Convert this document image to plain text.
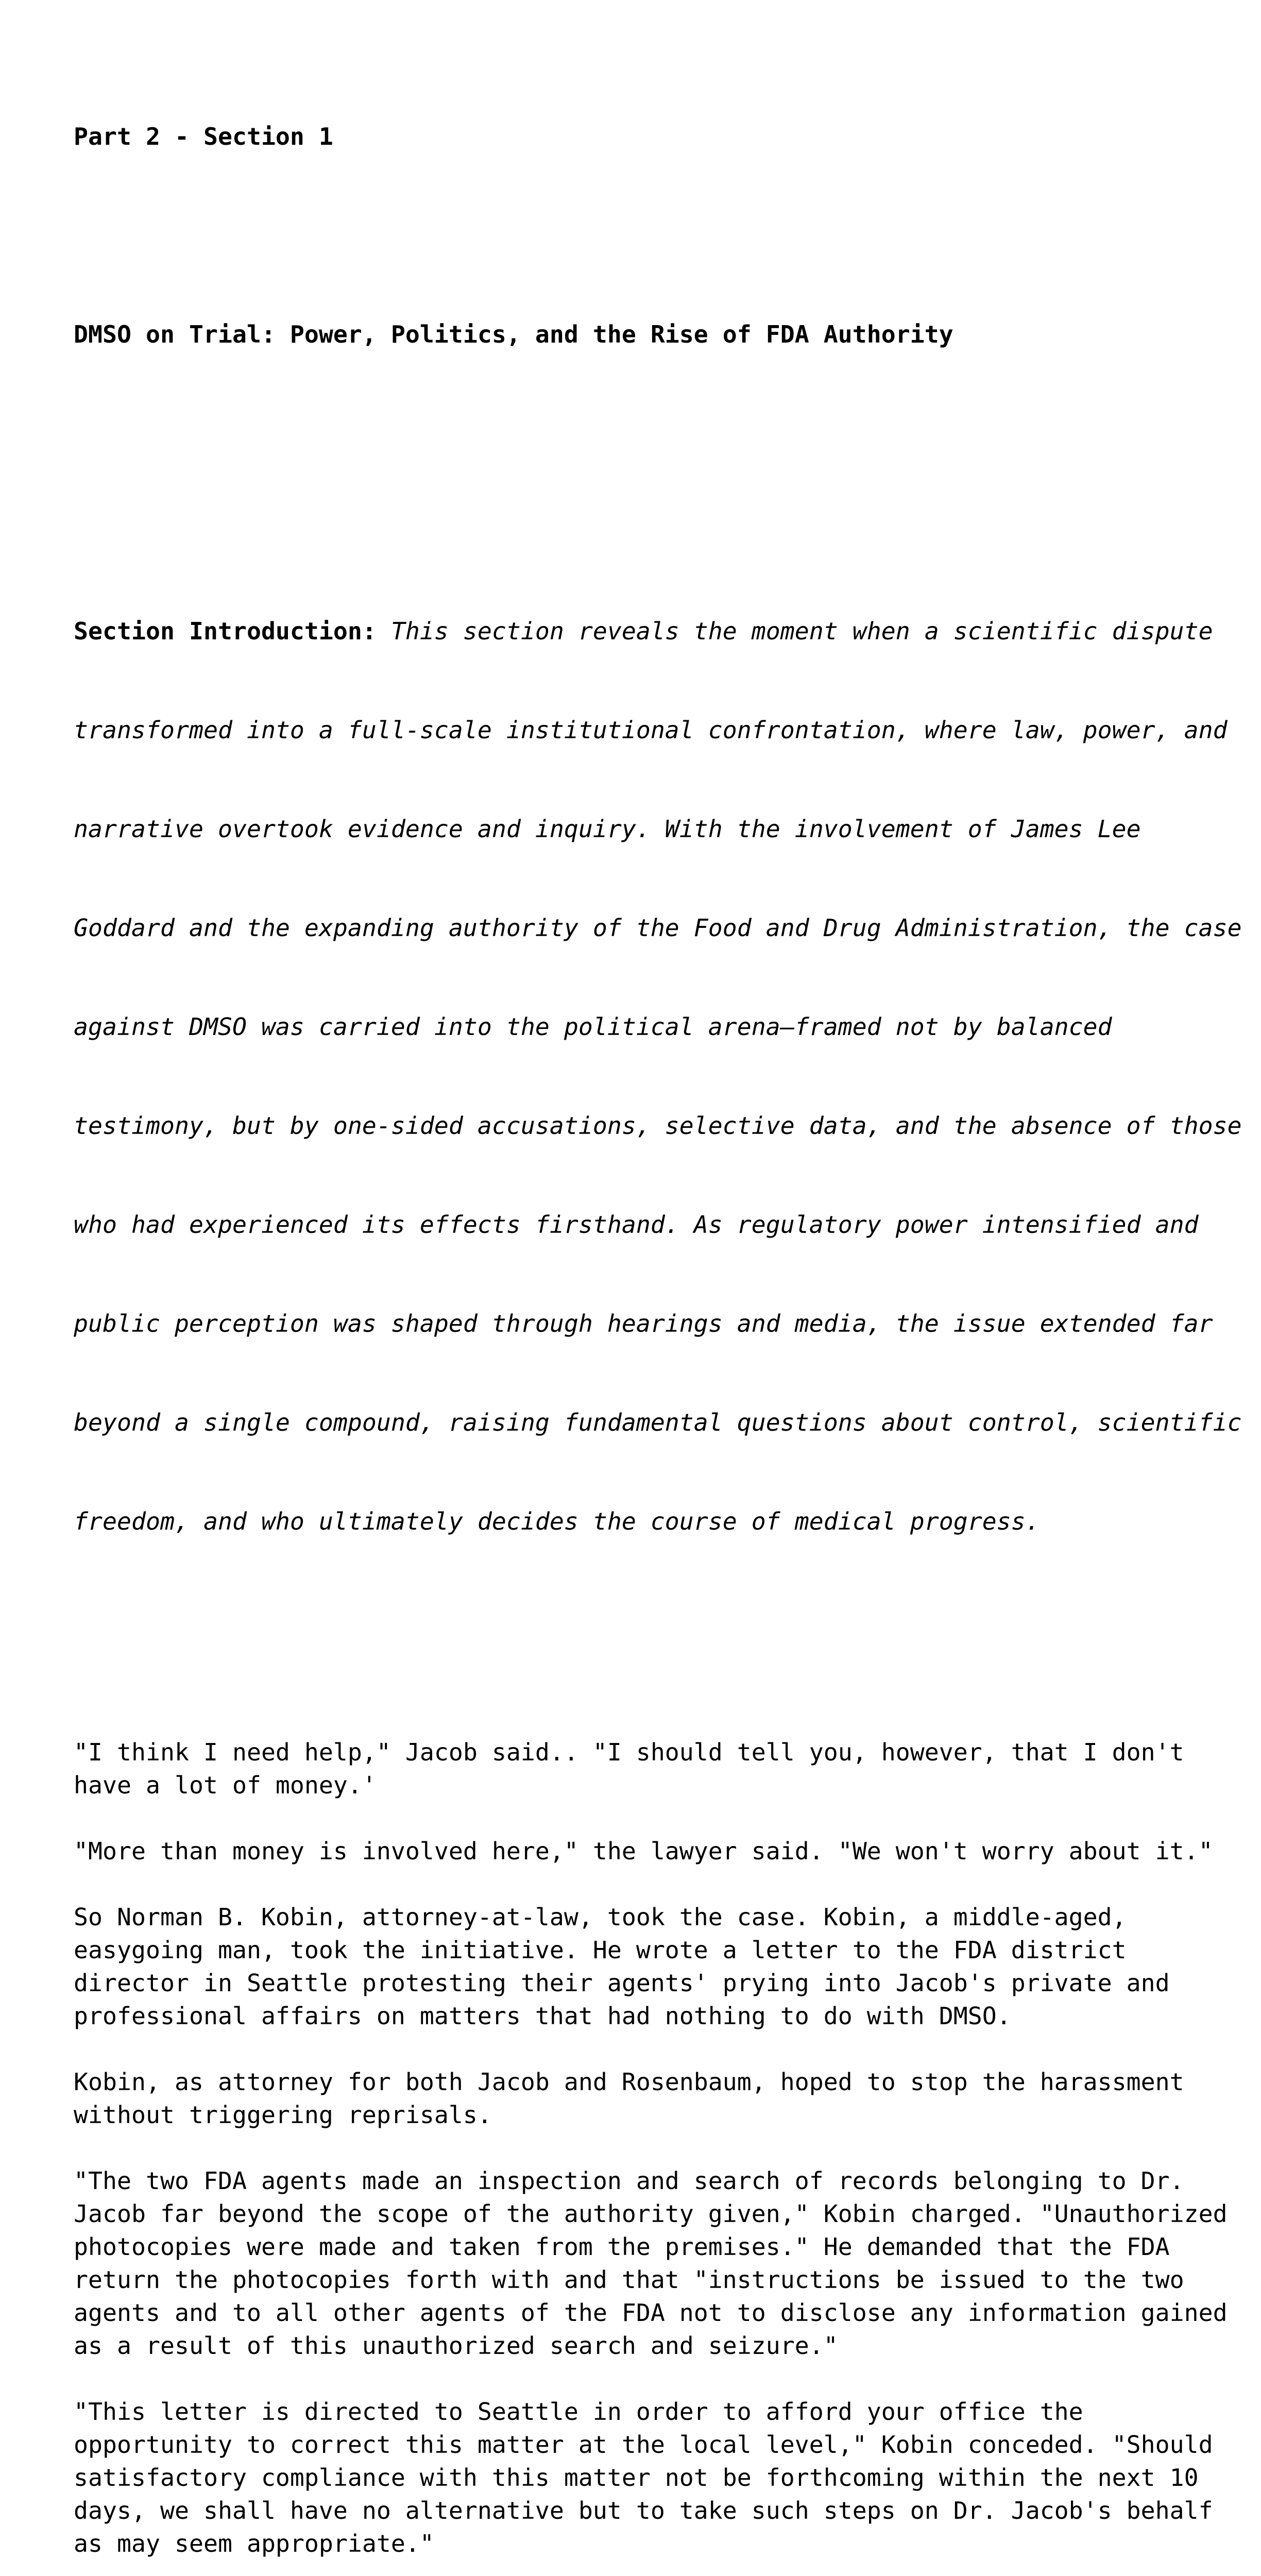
Part 2 - Section 1

DMSO on Trial: Power, Politics, and the Rise of FDA Authority

Section Introduction: This section reveals the moment when a scientific dispute

transformed into a full-scale institutional confrontation, where law, power, and

narrative overtook evidence and inquiry. With the involvement of James Lee

Goddard and the expanding authority of the Food and Drug Administration, the case

against DMSO was carried into the political arena—framed not by balanced

testimony, but by one-sided accusations, selective data, and the absence of those

who had experienced its effects firsthand. As regulatory power intensified and

public perception was shaped through hearings and media, the issue extended far

beyond a single compound, raising fundamental questions about control, scientific

freedom, and who ultimately decides the course of medical progress.

"I think I need help," Jacob said.. "I should tell you, however, that I don't
have a lot of money.'
"More than money is involved here," the lawyer said. "We won't worry about it."
So Norman B. Kobin, attorney-at-law, took the case. Kobin, a middle-aged,
easygoing man, took the initiative. He wrote a letter to the FDA district
director in Seattle protesting their agents' prying into Jacob's private and
professional affairs on matters that had nothing to do with DMSO.
Kobin, as attorney for both Jacob and Rosenbaum, hoped to stop the harassment
without triggering reprisals.
"The two FDA agents made an inspection and search of records belonging to Dr.
Jacob far beyond the scope of the authority given," Kobin charged. "Unauthorized
photocopies were made and taken from the premises." He demanded that the FDA
return the photocopies forth with and that "instructions be issued to the two
agents and to all other agents of the FDA not to disclose any information gained
as a result of this unauthorized search and seizure."
"This letter is directed to Seattle in order to afford your office the
opportunity to correct this matter at the local level," Kobin conceded. "Should
satisfactory compliance with this matter not be forthcoming within the next 10
days, we shall have no alternative but to take such steps on Dr. Jacob's behalf
as may seem appropriate."
